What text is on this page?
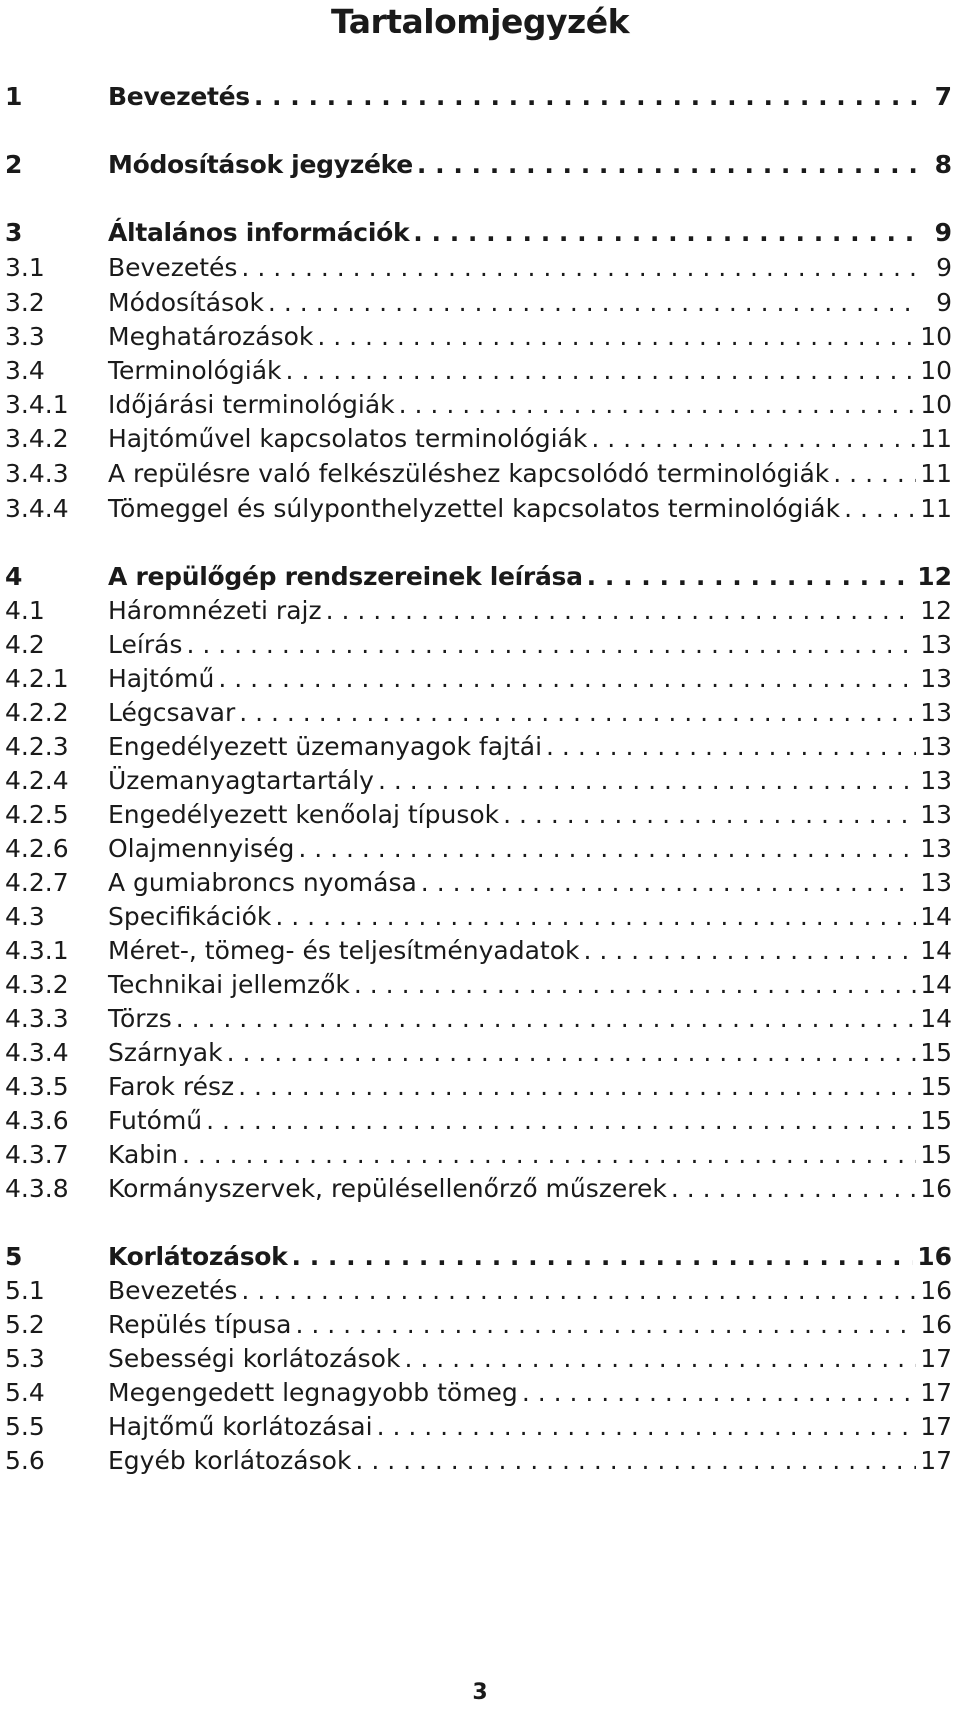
Tartalomjegyzék
1	Bevezetés . . .	7
2	Módosítások jegyzéke . . .	8
3	Általános információk . . .	9
3.1	Bevezetés . . .	9
3.2	Módosítások . . .	9
3.3	Meghatározások . . .	10
3.4	Terminológiák . . .	10
3.4.1	Időjárási terminológiák . . .	10
3.4.2	Hajtóművel kapcsolatos terminológiák . . .	11
3.4.3	A repülésre való felkészüléshez kapcsolódó terminológiák . . .	11
3.4.4	Tömeggel és súlyponthelyzettel kapcsolatos terminológiák . . .	11
4	A repülőgép rendszereinek leírása . . .	12
4.1	Háromnézeti rajz . . .	12
4.2	Leírás . . .	13
4.2.1	Hajtómű . . .	13
4.2.2	Légcsavar . . .	13
4.2.3	Engedélyezett üzemanyagok fajtái . . .	13
4.2.4	Üzemanyagtartartály . . .	13
4.2.5	Engedélyezett kenőolaj típusok . . .	13
4.2.6	Olajmennyiség . . .	13
4.2.7	A gumiabroncs nyomása . . .	13
4.3	Specifikációk . . .	14
4.3.1	Méret-, tömeg- és teljesítményadatok . . .	14
4.3.2	Technikai jellemzők . . .	14
4.3.3	Törzs . . .	14
4.3.4	Szárnyak . . .	15
4.3.5	Farok rész . . .	15
4.3.6	Futómű . . .	15
4.3.7	Kabin . . .	15
4.3.8	Kormányszervek, repülésellenőrző műszerek . . .	16
5	Korlátozások . . .	16
5.1	Bevezetés . . .	16
5.2	Repülés típusa . . .	16
5.3	Sebességi korlátozások . . .	17
5.4	Megengedett legnagyobb tömeg . . .	17
5.5	Hajtőmű korlátozásai . . .	17
5.6	Egyéb korlátozások . . .	17
3
